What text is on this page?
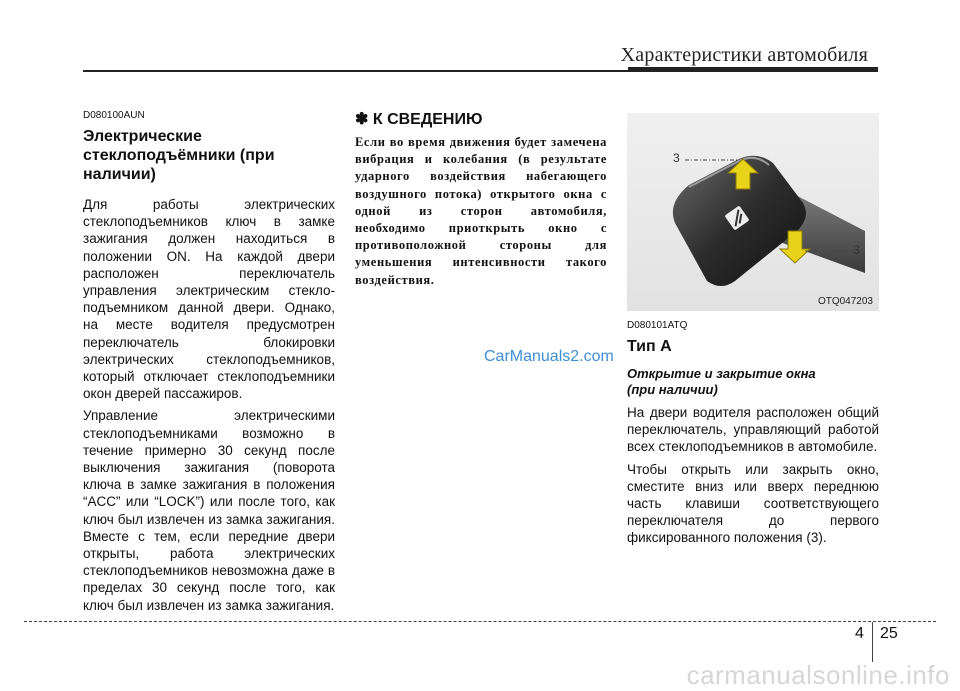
Характеристики автомобиля
D080100AUN
Электрические
стеклоподъёмники (при
наличии)

Для работы электрических стеклоподъемников ключ в замке зажигания должен находиться в положении ON. На каждой двери расположен переключатель управления электрическим стекло-подъемником данной двери. Однако, на месте водителя предусмотрен переключатель блокировки электрических стеклоподъемников, который отключает стеклоподъемники окон дверей пассажиров.

Управление электрическими стеклоподъемниками возможно в течение примерно 30 секунд после выключения зажигания (поворота ключа в замке зажигания в положения “ACC” или “LOCK”) или после того, как ключ был извлечен из замка зажигания. Вместе с тем, если передние двери открыты, работа электрических стеклоподъемников невозможна даже в пределах 30 секунд после того, как ключ был извлечен из замка зажигания.

✽ К СВЕДЕНИЮ

Если во время движения будет замечена вибрация и колебания (в результате ударного воздействия набегающего воздушного потока) открытого окна с одной из сторон автомобиля, необходимо приоткрыть окно с противоположной стороны для уменьшения интенсивности такого воздействия.

3
3
OTQ047203
D080101ATQ
Тип A
Открытие и закрытие окна
(при наличии)

На двери водителя расположен общий переключатель, управляющий работой всех стеклоподъемников в автомобиле.

Чтобы открыть или закрыть окно, сместите вниз или вверх переднюю часть клавиши соответствующего переключателя до первого фиксированного положения (3).

CarManuals2.com
4 25
carmanualsonline.info
